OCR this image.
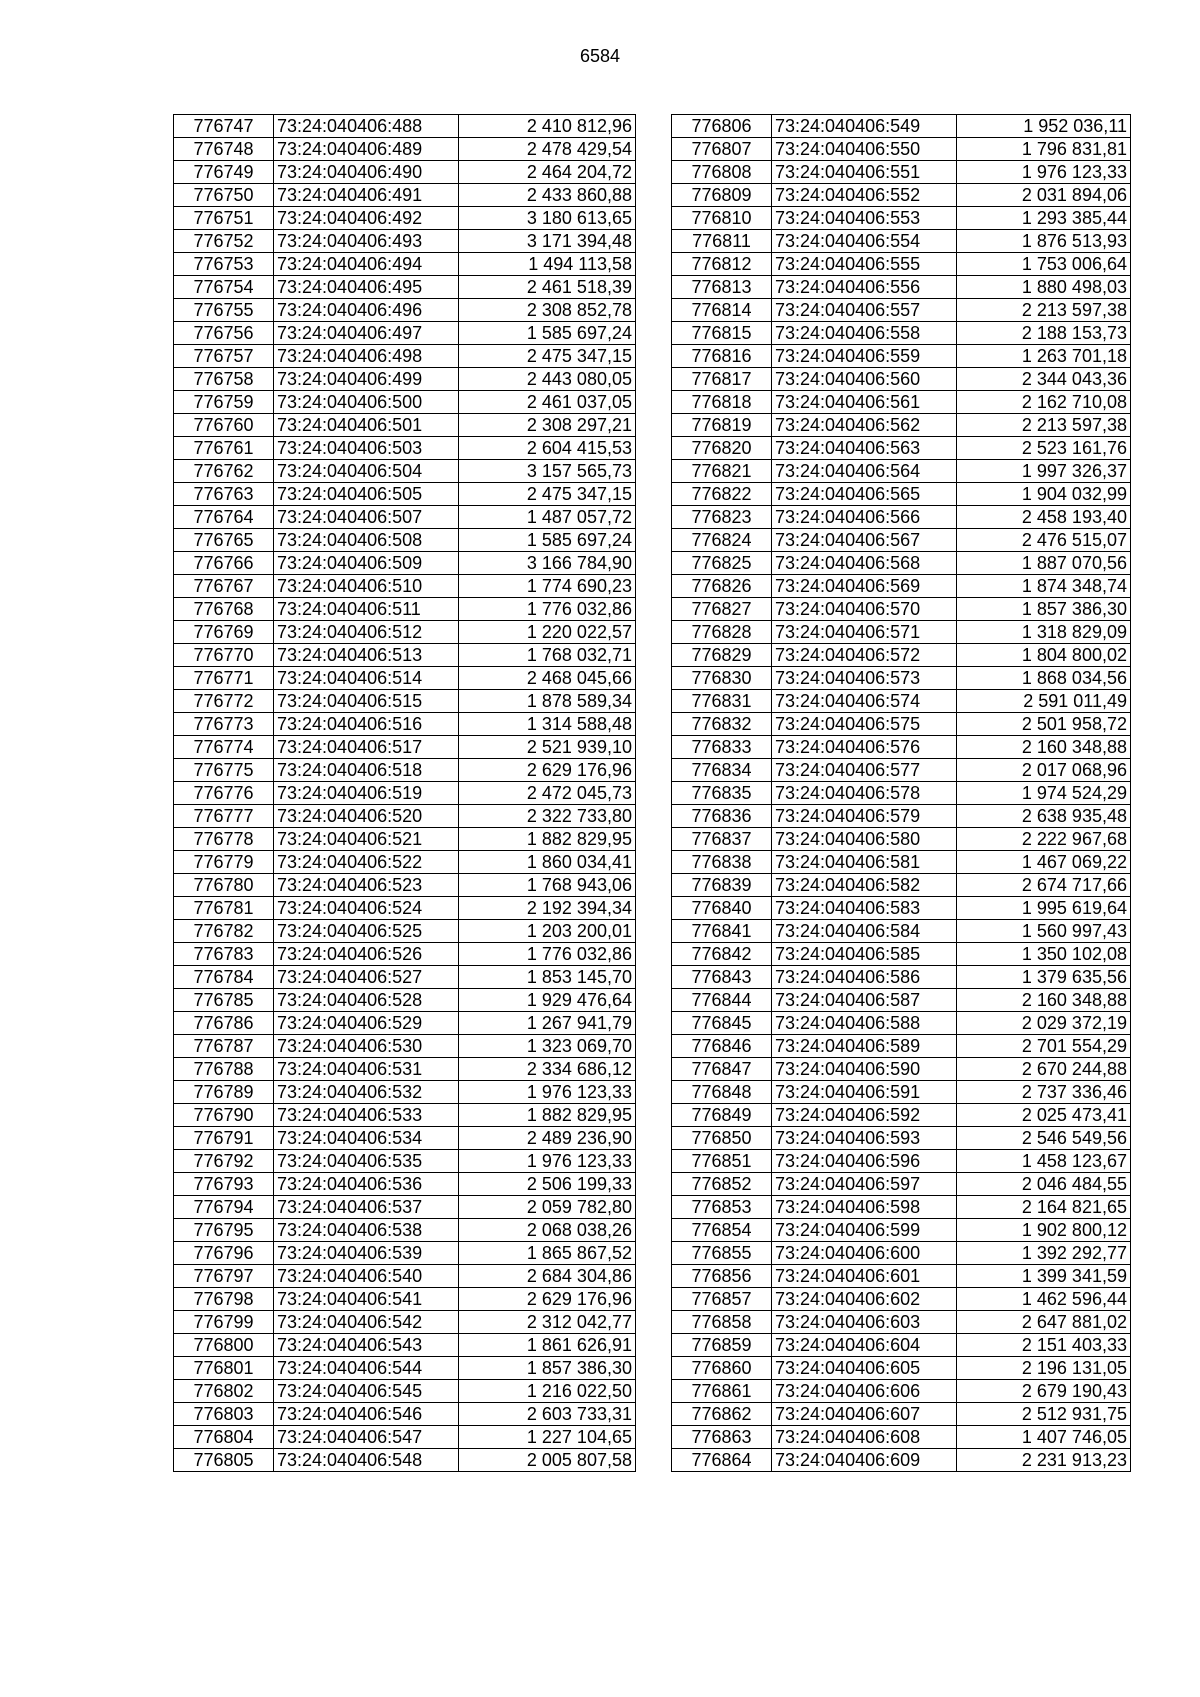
6584
776747	73:24:040406:488	2 410 812,96
776748	73:24:040406:489	2 478 429,54
776749	73:24:040406:490	2 464 204,72
776750	73:24:040406:491	2 433 860,88
776751	73:24:040406:492	3 180 613,65
776752	73:24:040406:493	3 171 394,48
776753	73:24:040406:494	1 494 113,58
776754	73:24:040406:495	2 461 518,39
776755	73:24:040406:496	2 308 852,78
776756	73:24:040406:497	1 585 697,24
776757	73:24:040406:498	2 475 347,15
776758	73:24:040406:499	2 443 080,05
776759	73:24:040406:500	2 461 037,05
776760	73:24:040406:501	2 308 297,21
776761	73:24:040406:503	2 604 415,53
776762	73:24:040406:504	3 157 565,73
776763	73:24:040406:505	2 475 347,15
776764	73:24:040406:507	1 487 057,72
776765	73:24:040406:508	1 585 697,24
776766	73:24:040406:509	3 166 784,90
776767	73:24:040406:510	1 774 690,23
776768	73:24:040406:511	1 776 032,86
776769	73:24:040406:512	1 220 022,57
776770	73:24:040406:513	1 768 032,71
776771	73:24:040406:514	2 468 045,66
776772	73:24:040406:515	1 878 589,34
776773	73:24:040406:516	1 314 588,48
776774	73:24:040406:517	2 521 939,10
776775	73:24:040406:518	2 629 176,96
776776	73:24:040406:519	2 472 045,73
776777	73:24:040406:520	2 322 733,80
776778	73:24:040406:521	1 882 829,95
776779	73:24:040406:522	1 860 034,41
776780	73:24:040406:523	1 768 943,06
776781	73:24:040406:524	2 192 394,34
776782	73:24:040406:525	1 203 200,01
776783	73:24:040406:526	1 776 032,86
776784	73:24:040406:527	1 853 145,70
776785	73:24:040406:528	1 929 476,64
776786	73:24:040406:529	1 267 941,79
776787	73:24:040406:530	1 323 069,70
776788	73:24:040406:531	2 334 686,12
776789	73:24:040406:532	1 976 123,33
776790	73:24:040406:533	1 882 829,95
776791	73:24:040406:534	2 489 236,90
776792	73:24:040406:535	1 976 123,33
776793	73:24:040406:536	2 506 199,33
776794	73:24:040406:537	2 059 782,80
776795	73:24:040406:538	2 068 038,26
776796	73:24:040406:539	1 865 867,52
776797	73:24:040406:540	2 684 304,86
776798	73:24:040406:541	2 629 176,96
776799	73:24:040406:542	2 312 042,77
776800	73:24:040406:543	1 861 626,91
776801	73:24:040406:544	1 857 386,30
776802	73:24:040406:545	1 216 022,50
776803	73:24:040406:546	2 603 733,31
776804	73:24:040406:547	1 227 104,65
776805	73:24:040406:548	2 005 807,58
776806	73:24:040406:549	1 952 036,11
776807	73:24:040406:550	1 796 831,81
776808	73:24:040406:551	1 976 123,33
776809	73:24:040406:552	2 031 894,06
776810	73:24:040406:553	1 293 385,44
776811	73:24:040406:554	1 876 513,93
776812	73:24:040406:555	1 753 006,64
776813	73:24:040406:556	1 880 498,03
776814	73:24:040406:557	2 213 597,38
776815	73:24:040406:558	2 188 153,73
776816	73:24:040406:559	1 263 701,18
776817	73:24:040406:560	2 344 043,36
776818	73:24:040406:561	2 162 710,08
776819	73:24:040406:562	2 213 597,38
776820	73:24:040406:563	2 523 161,76
776821	73:24:040406:564	1 997 326,37
776822	73:24:040406:565	1 904 032,99
776823	73:24:040406:566	2 458 193,40
776824	73:24:040406:567	2 476 515,07
776825	73:24:040406:568	1 887 070,56
776826	73:24:040406:569	1 874 348,74
776827	73:24:040406:570	1 857 386,30
776828	73:24:040406:571	1 318 829,09
776829	73:24:040406:572	1 804 800,02
776830	73:24:040406:573	1 868 034,56
776831	73:24:040406:574	2 591 011,49
776832	73:24:040406:575	2 501 958,72
776833	73:24:040406:576	2 160 348,88
776834	73:24:040406:577	2 017 068,96
776835	73:24:040406:578	1 974 524,29
776836	73:24:040406:579	2 638 935,48
776837	73:24:040406:580	2 222 967,68
776838	73:24:040406:581	1 467 069,22
776839	73:24:040406:582	2 674 717,66
776840	73:24:040406:583	1 995 619,64
776841	73:24:040406:584	1 560 997,43
776842	73:24:040406:585	1 350 102,08
776843	73:24:040406:586	1 379 635,56
776844	73:24:040406:587	2 160 348,88
776845	73:24:040406:588	2 029 372,19
776846	73:24:040406:589	2 701 554,29
776847	73:24:040406:590	2 670 244,88
776848	73:24:040406:591	2 737 336,46
776849	73:24:040406:592	2 025 473,41
776850	73:24:040406:593	2 546 549,56
776851	73:24:040406:596	1 458 123,67
776852	73:24:040406:597	2 046 484,55
776853	73:24:040406:598	2 164 821,65
776854	73:24:040406:599	1 902 800,12
776855	73:24:040406:600	1 392 292,77
776856	73:24:040406:601	1 399 341,59
776857	73:24:040406:602	1 462 596,44
776858	73:24:040406:603	2 647 881,02
776859	73:24:040406:604	2 151 403,33
776860	73:24:040406:605	2 196 131,05
776861	73:24:040406:606	2 679 190,43
776862	73:24:040406:607	2 512 931,75
776863	73:24:040406:608	1 407 746,05
776864	73:24:040406:609	2 231 913,23
